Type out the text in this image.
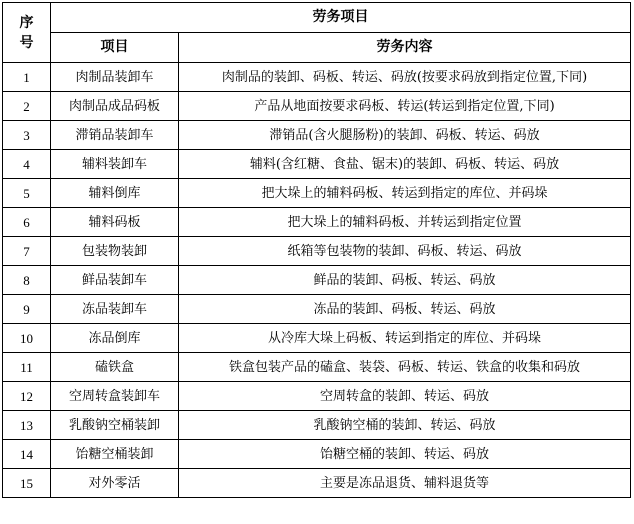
序
号	劳务项目	
	项目	劳务内容
1	肉制品装卸车	肉制品的装卸、码板、转运、码放(按要求码放到指定位置,下同)
2	肉制品成品码板	产品从地面按要求码板、转运(转运到指定位置,下同)
3	滞销品装卸车	滞销品(含火腿肠粉)的装卸、码板、转运、码放
4	辅料装卸车	辅料(含红糖、食盐、锯末)的装卸、码板、转运、码放
5	辅料倒库	把大垛上的辅料码板、转运到指定的库位、并码垛
6	辅料码板	把大垛上的辅料码板、并转运到指定位置
7	包装物装卸	纸箱等包装物的装卸、码板、转运、码放
8	鲜品装卸车	鲜品的装卸、码板、转运、码放
9	冻品装卸车	冻品的装卸、码板、转运、码放
10	冻品倒库	从冷库大垛上码板、转运到指定的库位、并码垛
11	磕铁盒	铁盒包装产品的磕盒、装袋、码板、转运、铁盒的收集和码放
12	空周转盒装卸车	空周转盒的装卸、转运、码放
13	乳酸钠空桶装卸	乳酸钠空桶的装卸、转运、码放
14	饴糖空桶装卸	饴糖空桶的装卸、转运、码放
15	对外零活	主要是冻品退货、辅料退货等
